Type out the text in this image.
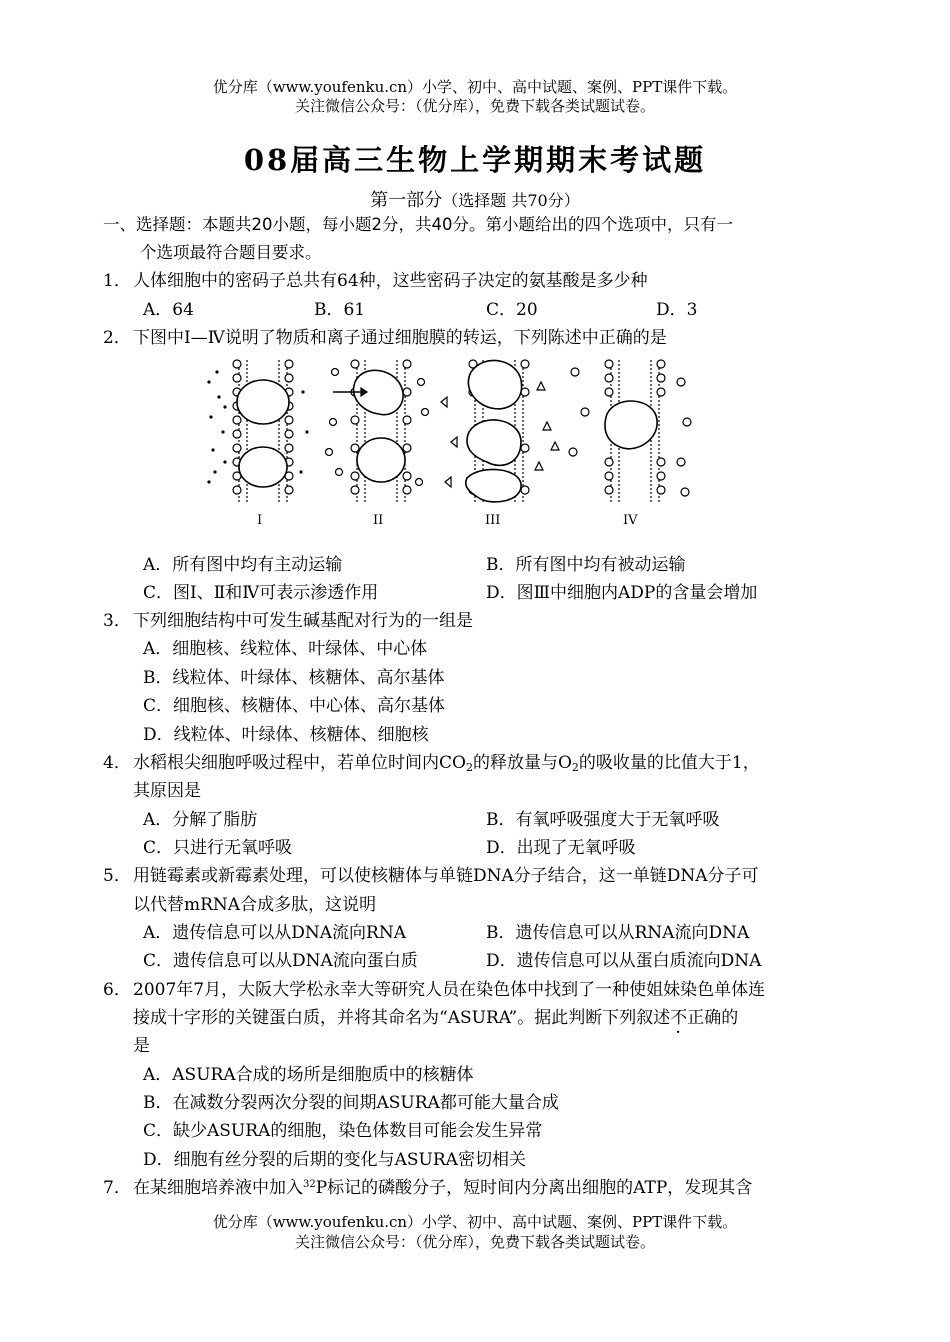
优分库（www.youfenku.cn）小学、初中、高中试题、案例、PPT课件下载。
关注微信公众号：（优分库），免费下载各类试题试卷。
08届高三生物上学期期末考试题
第一部分（选择题 共70分）
一、选择题：本题共20小题，每小题2分，共40分。第小题给出的四个选项中，只有一
个选项最符合题目要求。
1． 人体细胞中的密码子总共有64种，这些密码子决定的氨基酸是多少种
A．64	B．61	C．20	D．3
2． 下图中Ⅰ—Ⅳ说明了物质和离子通过细胞膜的转运，下列陈述中正确的是
I	II	III	IV
A．所有图中均有主动运输	B．所有图中均有被动运输
C．图Ⅰ、Ⅱ和Ⅳ可表示渗透作用	D．图Ⅲ中细胞内ADP的含量会增加
3． 下列细胞结构中可发生碱基配对行为的一组是
A．细胞核、线粒体、叶绿体、中心体
B．线粒体、叶绿体、核糖体、高尔基体
C．细胞核、核糖体、中心体、高尔基体
D．线粒体、叶绿体、核糖体、细胞核
4． 水稻根尖细胞呼吸过程中，若单位时间内$CO_2$的释放量与$O_2$的吸收量的比值大于1，
其原因是
A．分解了脂肪	B．有氧呼吸强度大于无氧呼吸
C．只进行无氧呼吸	D．出现了无氧呼吸
5． 用链霉素或新霉素处理，可以使核糖体与单链DNA分子结合，这一单链DNA分子可
以代替mRNA合成多肽，这说明
A．遗传信息可以从DNA流向RNA	B．遗传信息可以从RNA流向DNA
C．遗传信息可以从DNA流向蛋白质	D．遗传信息可以从蛋白质流向DNA
6． 2007年7月，大阪大学松永幸大等研究人员在染色体中找到了一种使姐妹染色单体连
接成十字形的关键蛋白质，并将其命名为“ASURA”。据此判断下列叙述不正确的
是
A．ASURA合成的场所是细胞质中的核糖体
B．在减数分裂两次分裂的间期ASURA都可能大量合成
C．缺少ASURA的细胞，染色体数目可能会发生异常
D．细胞有丝分裂的后期的变化与ASURA密切相关
7． 在某细胞培养液中加入$^{32}$P标记的磷酸分子，短时间内分离出细胞的ATP，发现其含
优分库（www.youfenku.cn）小学、初中、高中试题、案例、PPT课件下载。
关注微信公众号：（优分库），免费下载各类试题试卷。
